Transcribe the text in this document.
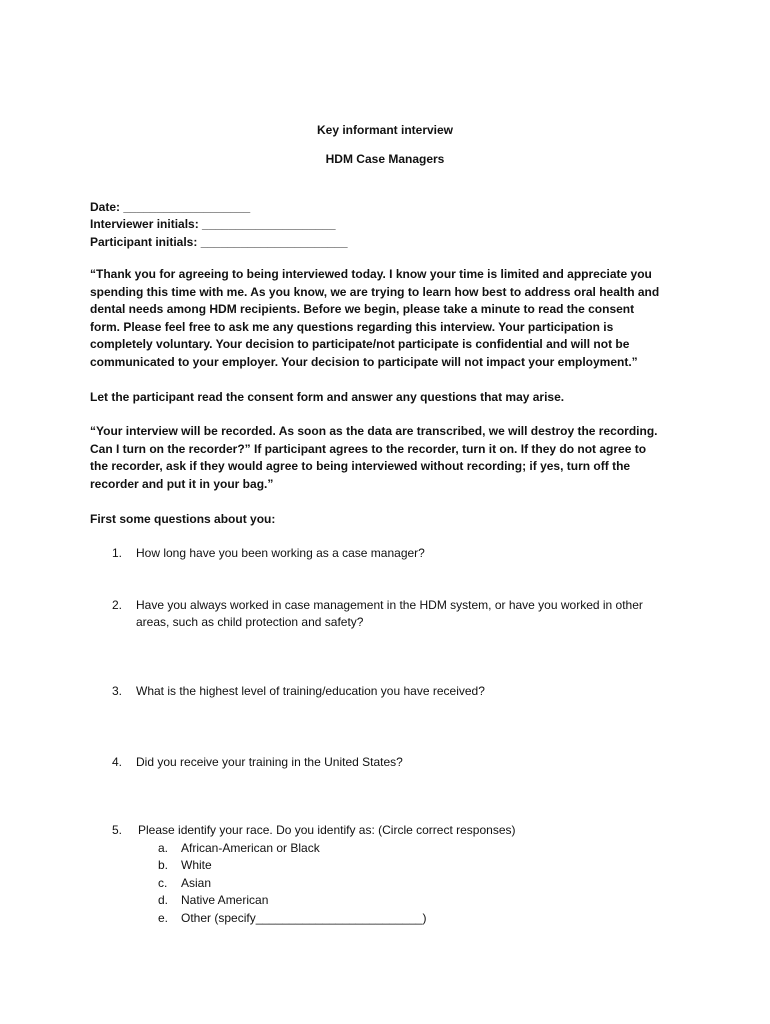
Key informant interview
HDM Case Managers
Date: ___________________
Interviewer initials: ____________________
Participant initials: ______________________
“Thank you for agreeing to being interviewed today. I know your time is limited and appreciate you
spending this time with me. As you know, we are trying to learn how best to address oral health and
dental needs among HDM recipients. Before we begin, please take a minute to read the consent
form. Please feel free to ask me any questions regarding this interview. Your participation is
completely voluntary. Your decision to participate/not participate is confidential and will not be
communicated to your employer. Your decision to participate will not impact your employment.”
Let the participant read the consent form and answer any questions that may arise.
“Your interview will be recorded. As soon as the data are transcribed, we will destroy the recording.
Can I turn on the recorder?” If participant agrees to the recorder, turn it on. If they do not agree to
the recorder, ask if they would agree to being interviewed without recording; if yes, turn off the
recorder and put it in your bag.”
First some questions about you:
1. How long have you been working as a case manager?
2. Have you always worked in case management in the HDM system, or have you worked in other
areas, such as child protection and safety?
3. What is the highest level of training/education you have received?
4. Did you receive your training in the United States?
5. Please identify your race. Do you identify as: (Circle correct responses)
a. African-American or Black
b. White
c. Asian
d. Native American
e. Other (specify_________________________)
